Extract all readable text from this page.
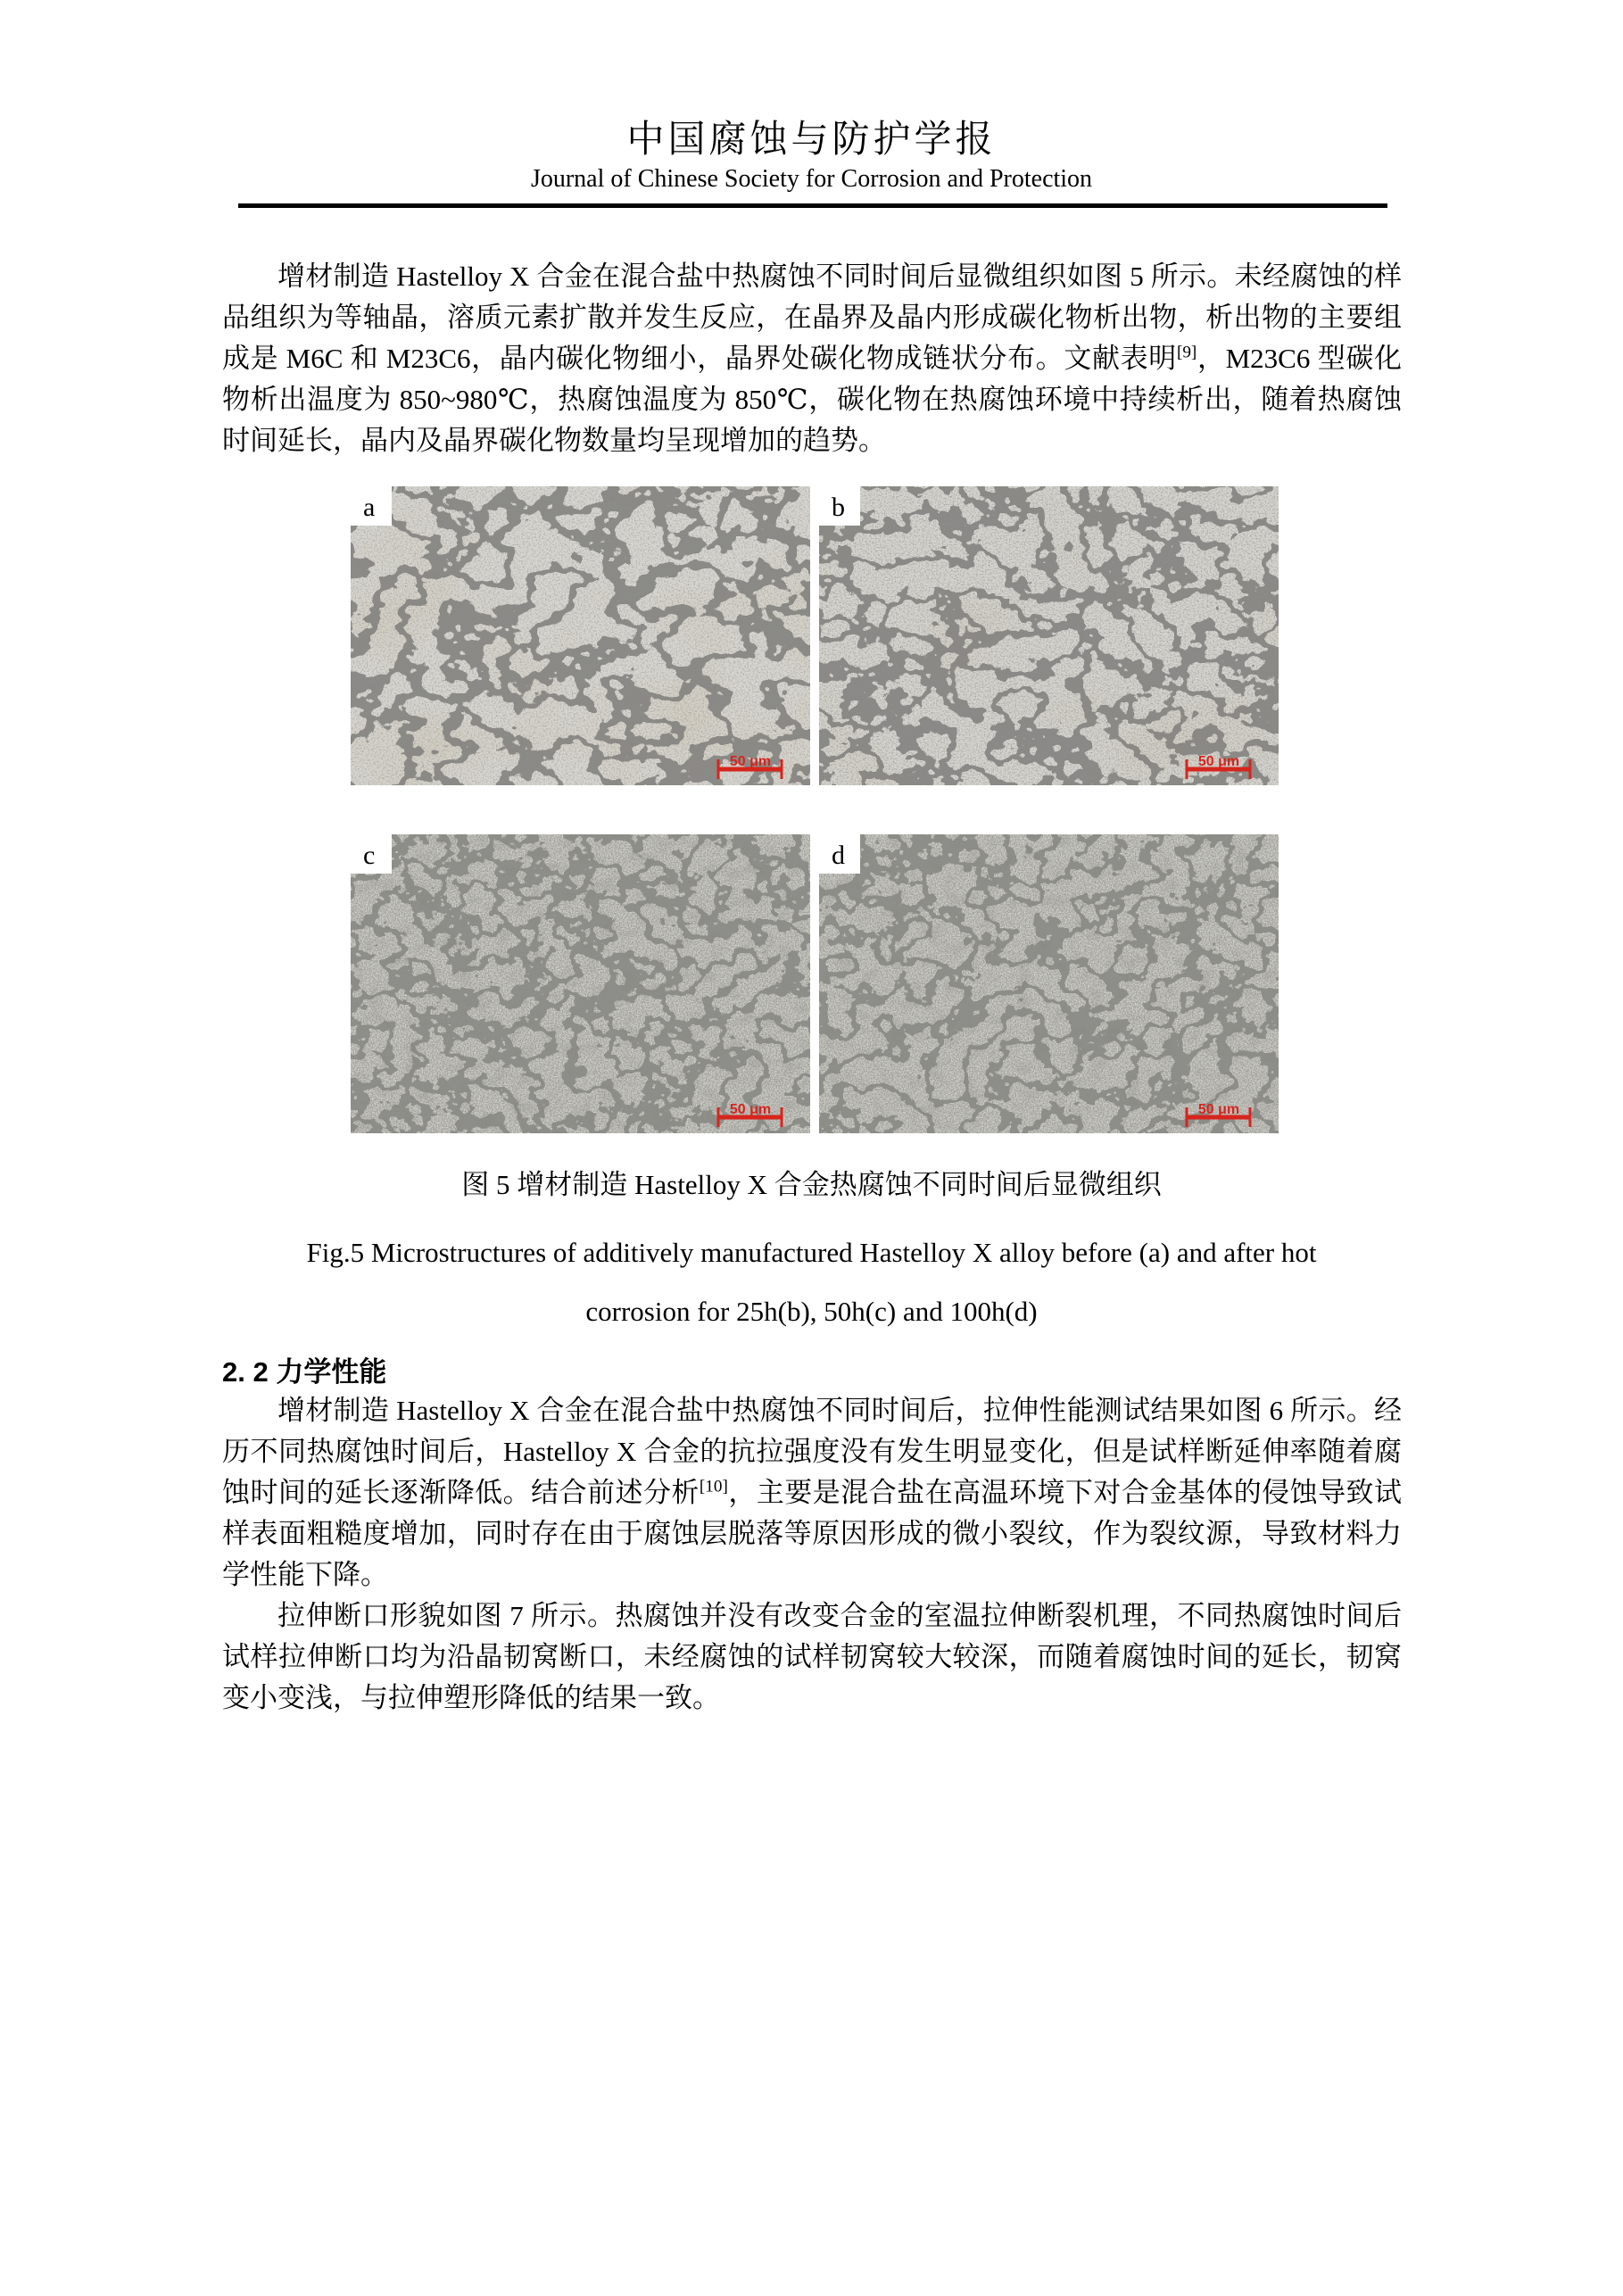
中国腐蚀与防护学报
Journal of Chinese Society for Corrosion and Protection

增材制造 Hastelloy X 合金在混合盐中热腐蚀不同时间后显微组织如图 5 所示。未经腐蚀的样品组织为等轴晶，溶质元素扩散并发生反应，在晶界及晶内形成碳化物析出物，析出物的主要组成是 M6C 和 M23C6，晶内碳化物细小，晶界处碳化物成链状分布。文献表明[9]，M23C6 型碳化物析出温度为 850~980℃，热腐蚀温度为 850℃，碳化物在热腐蚀环境中持续析出，随着热腐蚀时间延长，晶内及晶界碳化物数量均呈现增加的趋势。

a
50 μm
b
50 μm
c
50 μm
d
50 μm
图 5 增材制造 Hastelloy X 合金热腐蚀不同时间后显微组织
Fig.5 Microstructures of additively manufactured Hastelloy X alloy before (a) and after hot
corrosion for 25h(b), 50h(c) and 100h(d)
2. 2 力学性能

增材制造 Hastelloy X 合金在混合盐中热腐蚀不同时间后，拉伸性能测试结果如图 6 所示。经历不同热腐蚀时间后，Hastelloy X 合金的抗拉强度没有发生明显变化，但是试样断延伸率随着腐蚀时间的延长逐渐降低。结合前述分析[10]，主要是混合盐在高温环境下对合金基体的侵蚀导致试样表面粗糙度增加，同时存在由于腐蚀层脱落等原因形成的微小裂纹，作为裂纹源，导致材料力学性能下降。

拉伸断口形貌如图 7 所示。热腐蚀并没有改变合金的室温拉伸断裂机理，不同热腐蚀时间后试样拉伸断口均为沿晶韧窝断口，未经腐蚀的试样韧窝较大较深，而随着腐蚀时间的延长，韧窝变小变浅，与拉伸塑形降低的结果一致。
